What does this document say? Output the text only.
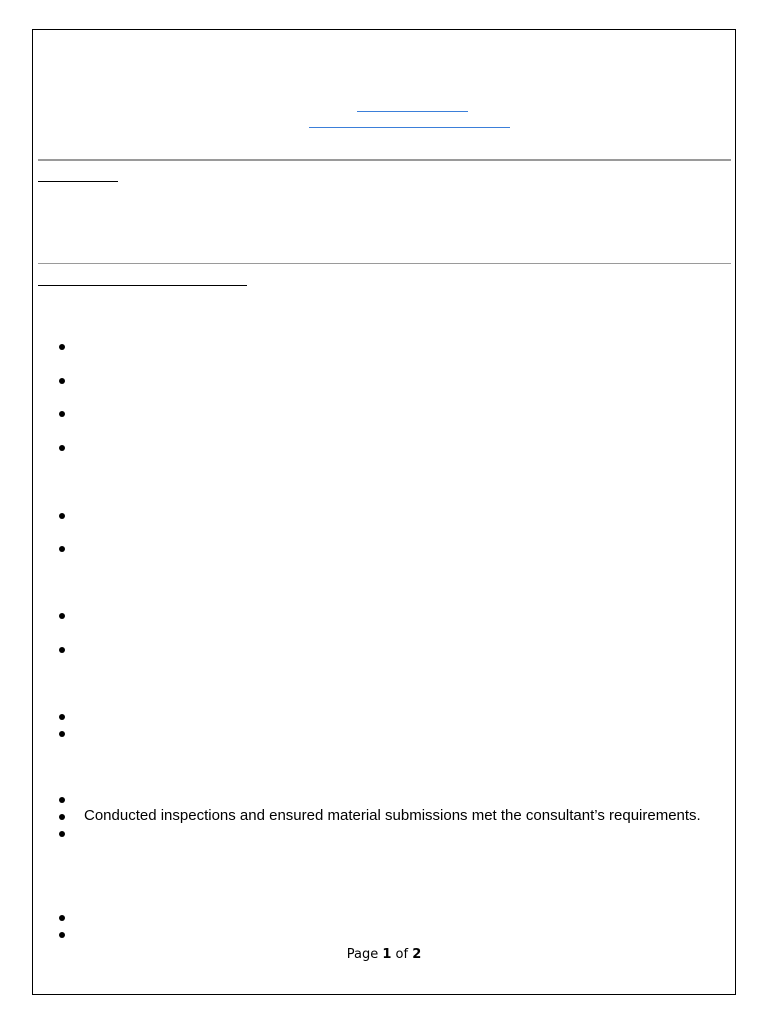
Conducted inspections and ensured material submissions met the consultant’s requirements.
Page 1 of 2
